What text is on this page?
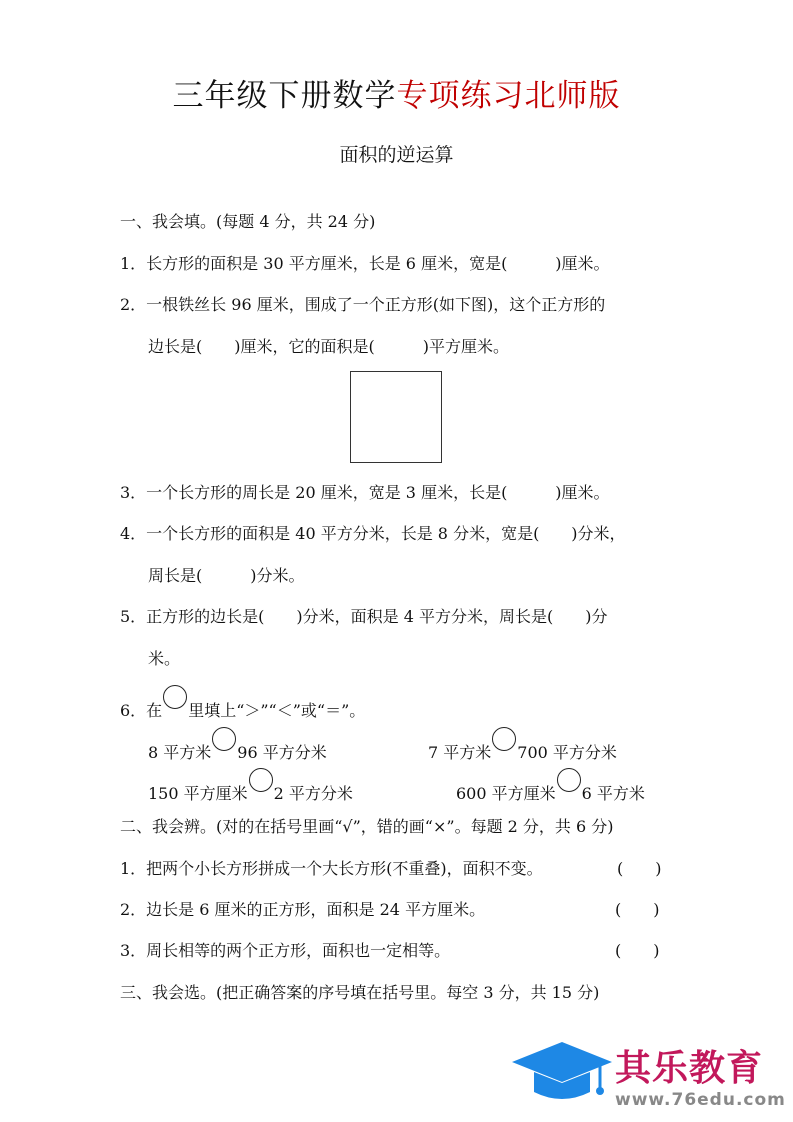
三年级下册数学专项练习北师版
面积的逆运算
一、我会填。(每题 4 分，共 24 分)
1．长方形的面积是 30 平方厘米，长是 6 厘米，宽是(　　　)厘米。
2．一根铁丝长 96 厘米，围成了一个正方形(如下图)，这个正方形的
边长是(　　)厘米，它的面积是(　　　)平方厘米。
3．一个长方形的周长是 20 厘米，宽是 3 厘米，长是(　　　)厘米。
4．一个长方形的面积是 40 平方分米，长是 8 分米，宽是(　　)分米，
周长是(　　　)分米。
5．正方形的边长是(　　)分米，面积是 4 平方分米，周长是(　　)分
米。
6．在 里填上“＞”“＜”或“＝”。
8 平方米 96 平方分米	7 平方米 700 平方分米
150 平方厘米 2 平方分米	600 平方厘米 6 平方米
二、我会辨。(对的在括号里画“√”，错的画“×”。每题 2 分，共 6 分)
1．把两个小长方形拼成一个大长方形(不重叠)，面积不变。	(　　)
2．边长是 6 厘米的正方形，面积是 24 平方厘米。	(　　)
3．周长相等的两个正方形，面积也一定相等。	(　　)
三、我会选。(把正确答案的序号填在括号里。每空 3 分，共 15 分)
其乐教育
www.76edu.com
